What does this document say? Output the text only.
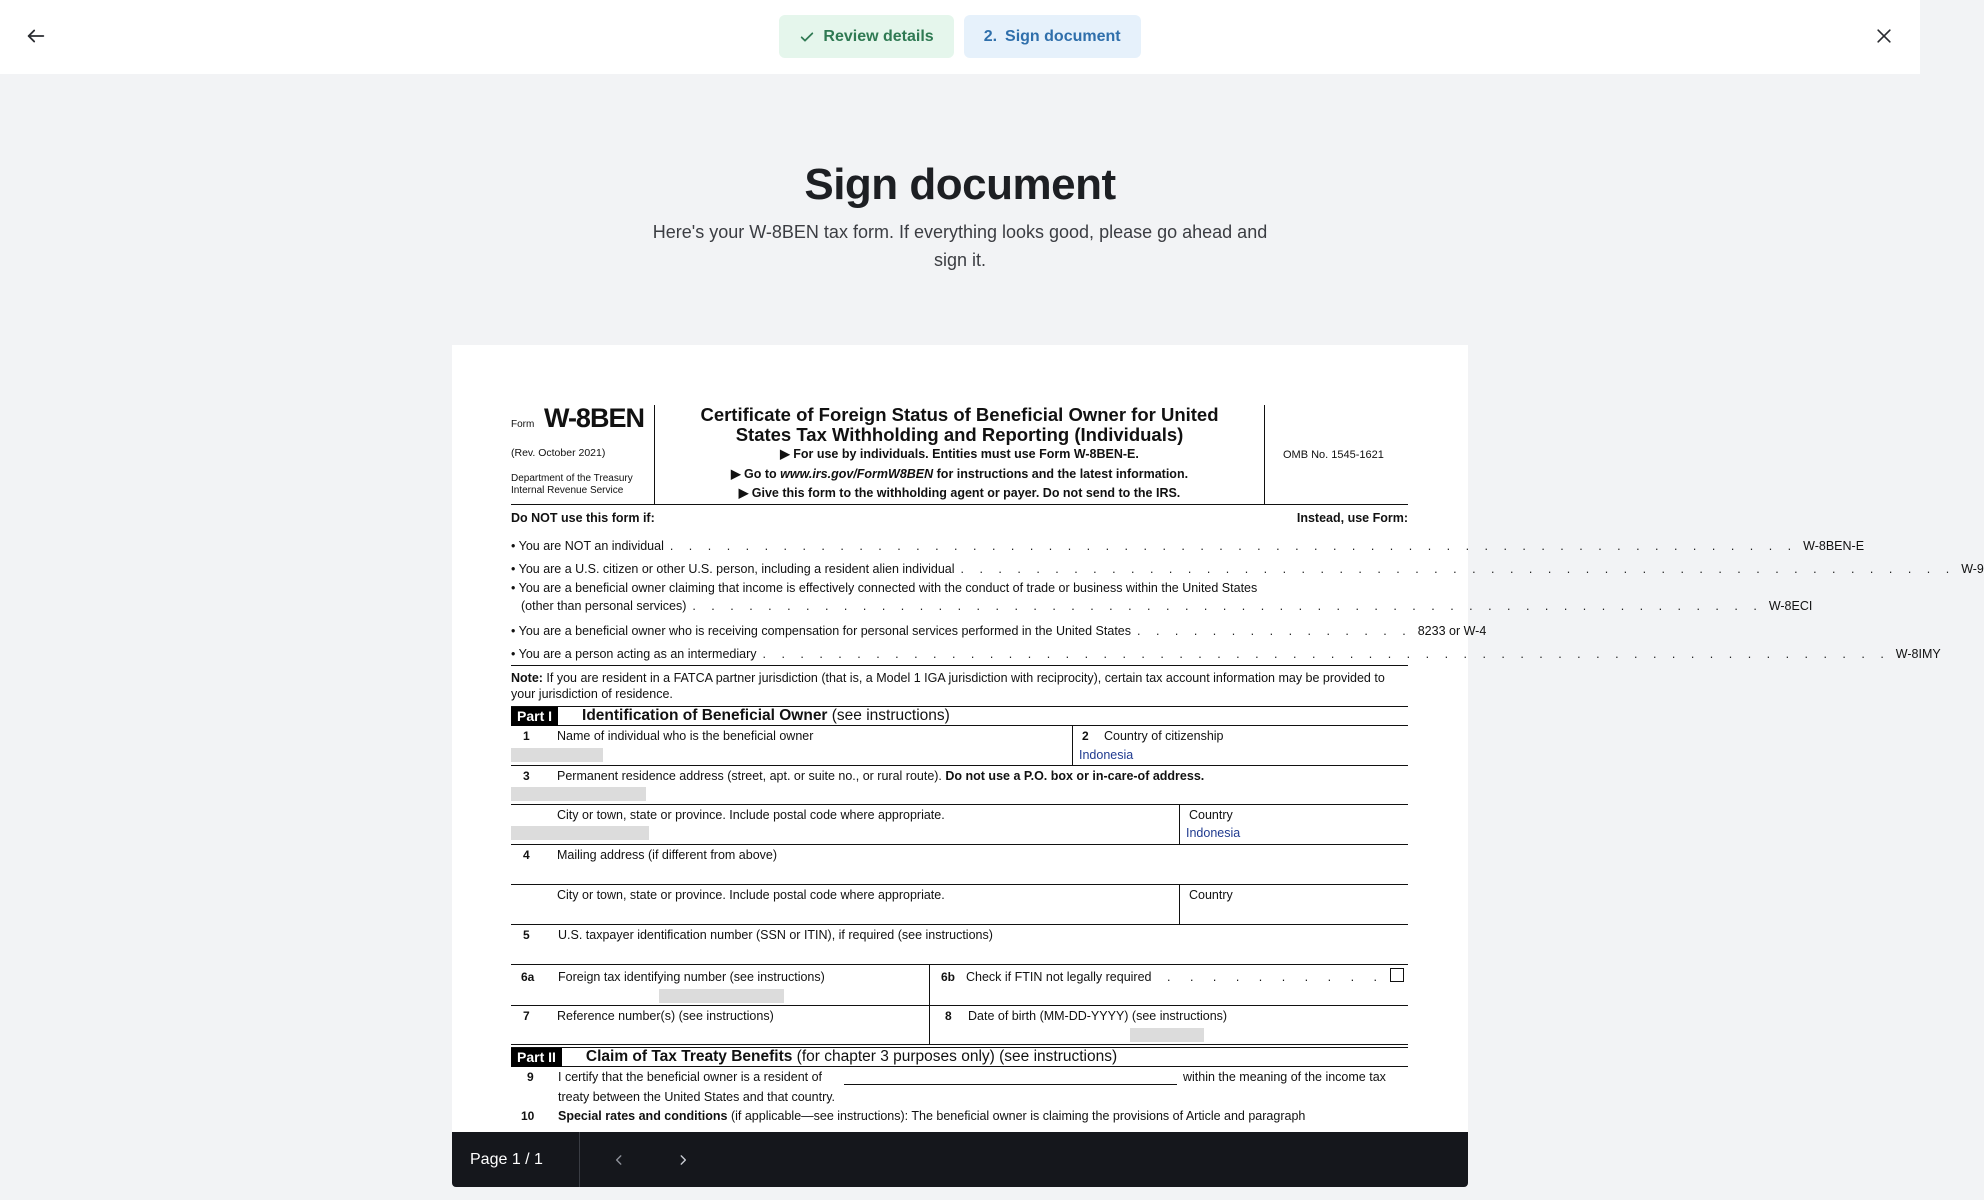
Review details	2. Sign document
Sign document

Here's your W-8BEN tax form. If everything looks good, please go ahead and sign it.

Form W-8BEN
(Rev. October 2021)
Department of the Treasury
Internal Revenue Service
Certificate of Foreign Status of Beneficial Owner for United
States Tax Withholding and Reporting (Individuals)
▶ For use by individuals. Entities must use Form W-8BEN-E.
▶ Go to www.irs.gov/FormW8BEN for instructions and the latest information.
▶ Give this form to the withholding agent or payer. Do not send to the IRS.
OMB No. 1545-1621
Do NOT use this form if:	Instead, use Form:
• You are NOT an individual . . . . . . . . . . . . . . . . . . . . . . . . . . . . . . . . . . . . . . . . . . . . . . . . . . . . . . . . . . . . W-8BEN-E
• You are a U.S. citizen or other U.S. person, including a resident alien individual . . . . . . . . . . . . . . . . . . . . . . . . . . . . . . . . . . . . . . . . . . . . . . . . . . . . . W-9
• You are a beneficial owner claiming that income is effectively connected with the conduct of trade or business within the United States
(other than personal services) . . . . . . . . . . . . . . . . . . . . . . . . . . . . . . . . . . . . . . . . . . . . . . . . . . . . . . . . . W-8ECI
• You are a beneficial owner who is receiving compensation for personal services performed in the United States . . . . . . . . . . . . . . . 8233 or W-4
• You are a person acting as an intermediary . . . . . . . . . . . . . . . . . . . . . . . . . . . . . . . . . . . . . . . . . . . . . . . . . . . . . . . . . . . . W-8IMY
Note: If you are resident in a FATCA partner jurisdiction (that is, a Model 1 IGA jurisdiction with reciprocity), certain tax account information may be provided to your jurisdiction of residence.
Part I	Identification of Beneficial Owner (see instructions)
1 Name of individual who is the beneficial owner	2 Country of citizenship
Indonesia
3 Permanent residence address (street, apt. or suite no., or rural route). Do not use a P.O. box or in-care-of address.
City or town, state or province. Include postal code where appropriate.	Country
Indonesia
4 Mailing address (if different from above)
City or town, state or province. Include postal code where appropriate.	Country
5 U.S. taxpayer identification number (SSN or ITIN), if required (see instructions)
6a Foreign tax identifying number (see instructions)	6b Check if FTIN not legally required . . . . . . . . . .
7 Reference number(s) (see instructions)	8 Date of birth (MM-DD-YYYY) (see instructions)
Part II	Claim of Tax Treaty Benefits (for chapter 3 purposes only) (see instructions)
9 I certify that the beneficial owner is a resident of	within the meaning of the income tax
treaty between the United States and that country.
10 Special rates and conditions (if applicable—see instructions): The beneficial owner is claiming the provisions of Article and paragraph
Page 1 / 1
